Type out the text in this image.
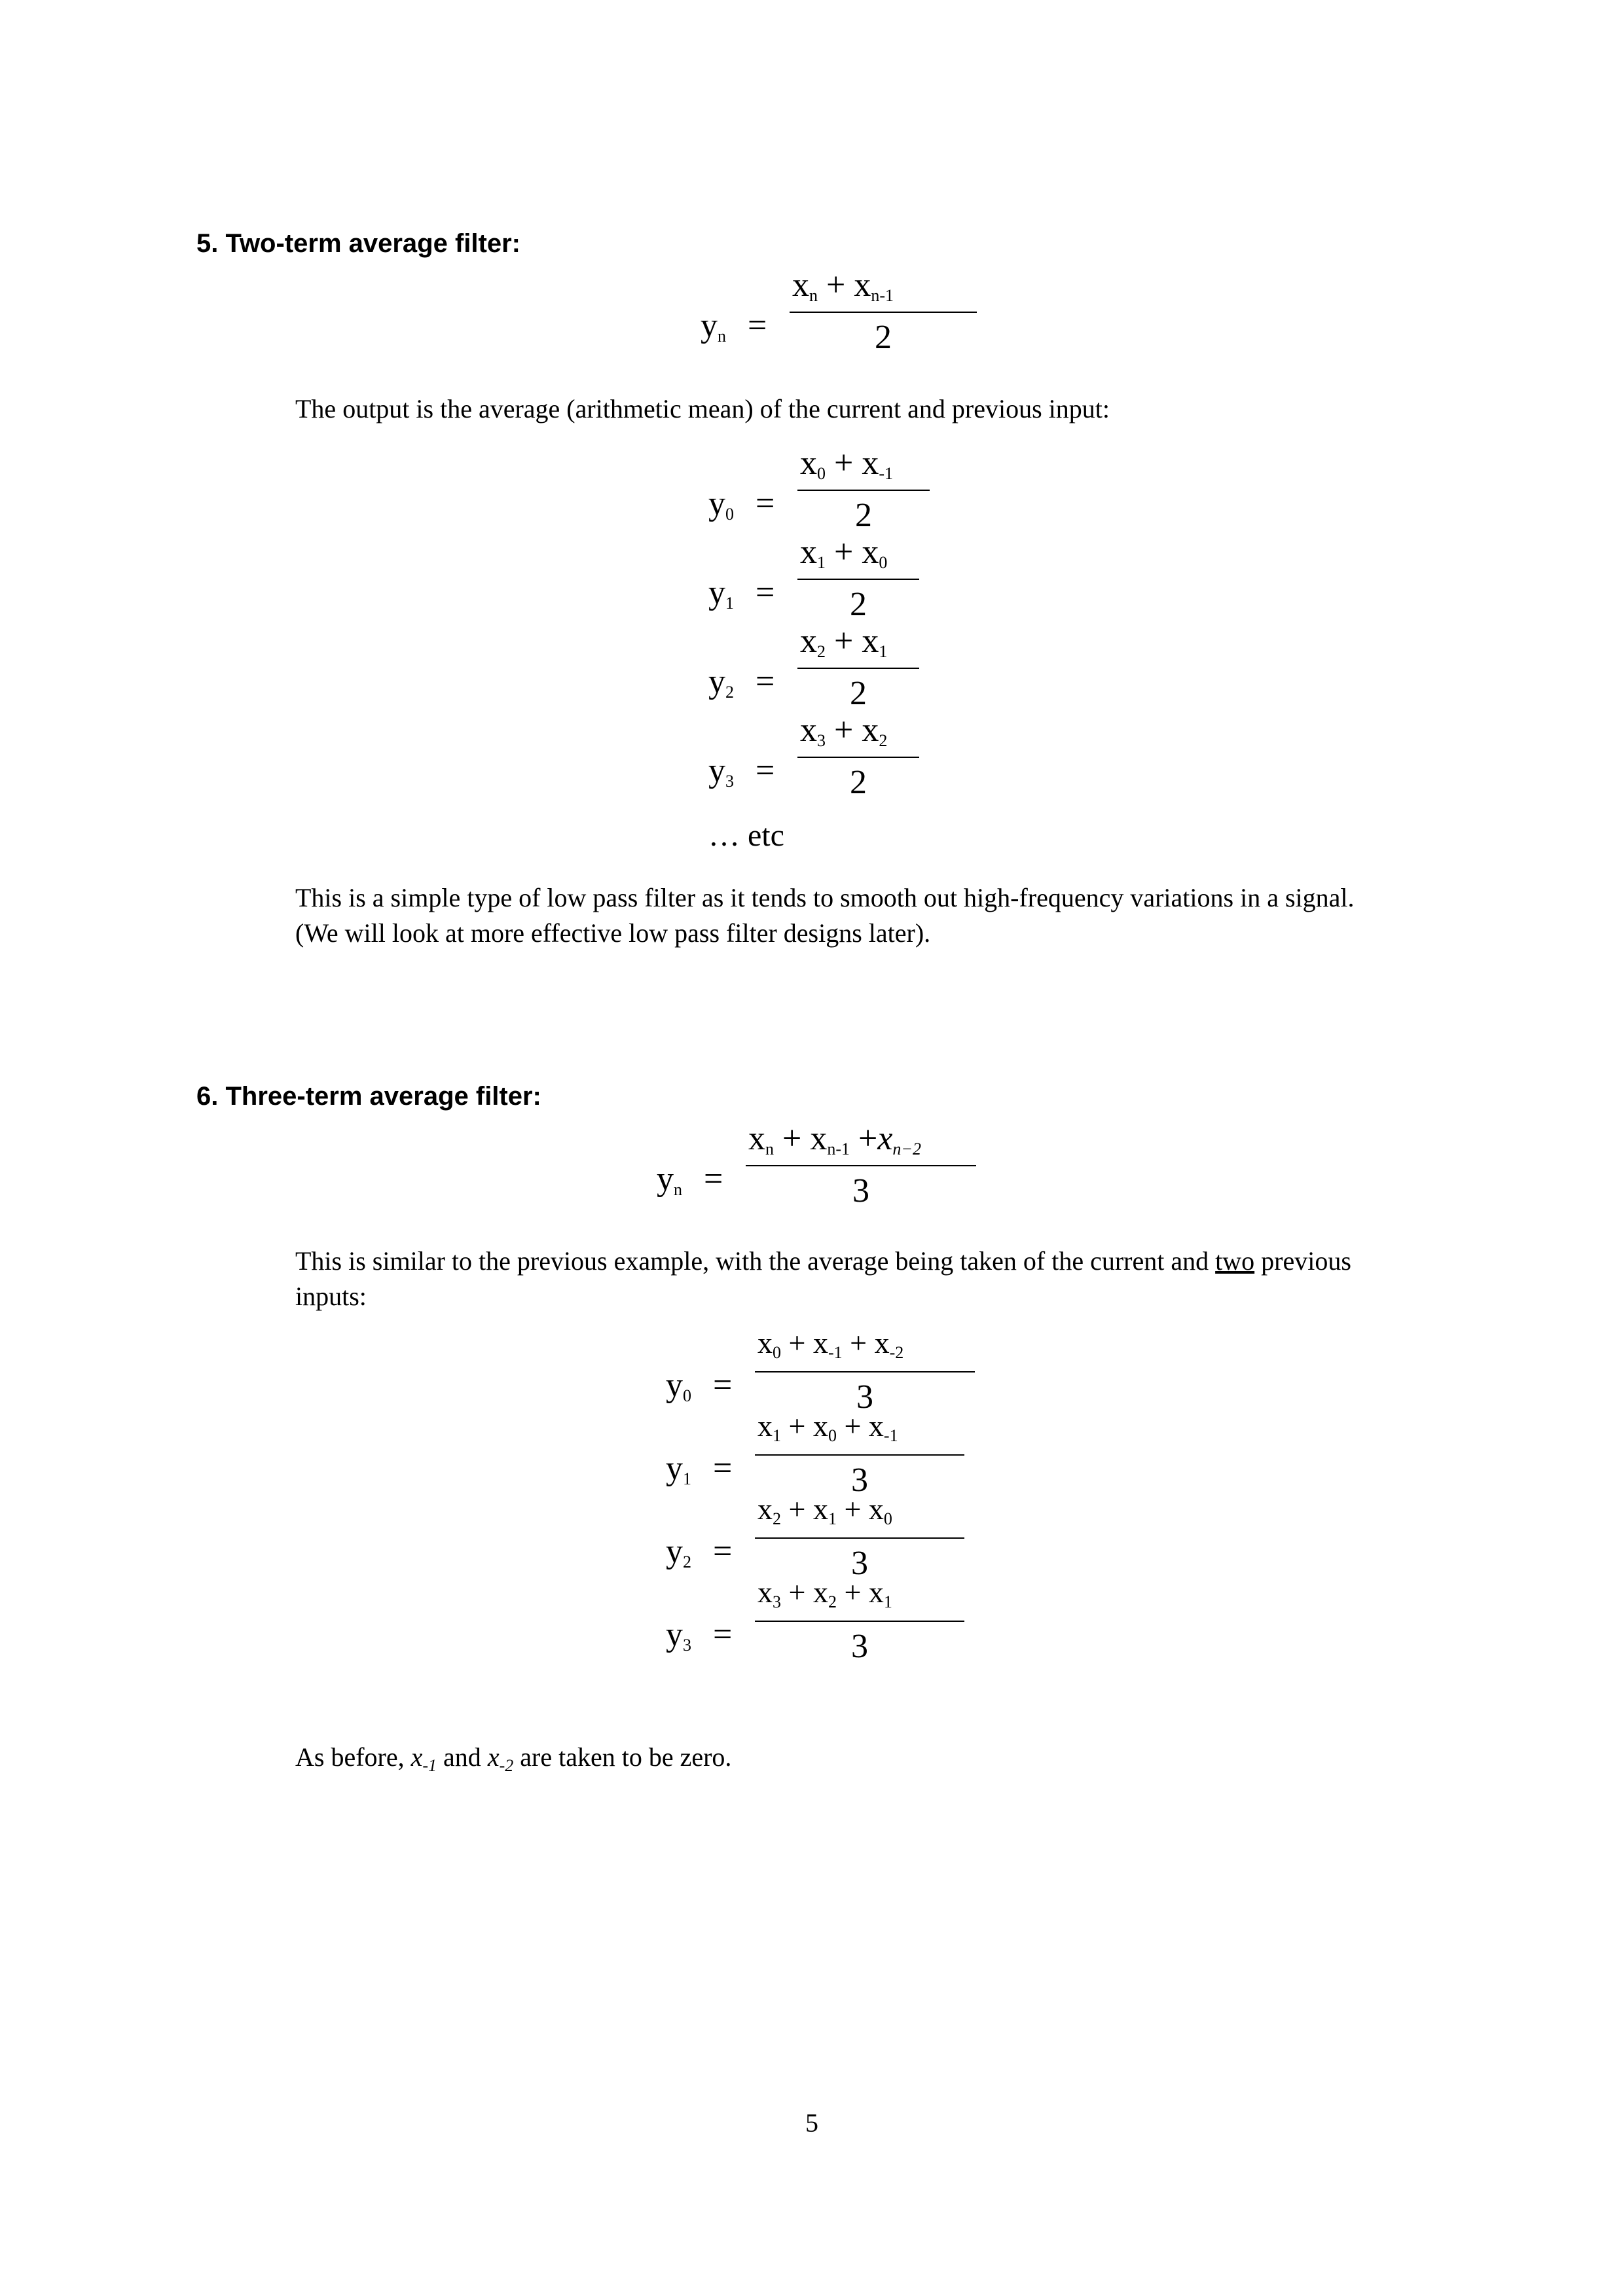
5. Two-term average filter:
$y_n$ =
$x_n + x_{n-1}$
2
The output is the average (arithmetic mean) of the current and previous input:
$y_0$ =
$x_0 + x_{-1}$
2
$y_1$ =
$x_1 + x_0$
2
$y_2$ =
$x_2 + x_1$
2
$y_3$ =
$x_3 + x_2$
2
… etc
This is a simple type of low pass filter as it tends to smooth out high-frequency variations in a signal.
(We will look at more effective low pass filter designs later).
6. Three-term average filter:
$y_n$ =
$x_n + x_{n-1} +x_{n-2}$
3
This is similar to the previous example, with the average being taken of the current and two previous
inputs:
$y_0$ =
$x_0 + x_{-1} + x_{-2}$
3
$y_1$ =
$x_1 + x_0 + x_{-1}$
3
$y_2$ =
$x_2 + x_1 + x_0$
3
$y_3$ =
$x_3 + x_2 + x_1$
3
As before, $x_{-1}$ and $x_{-2}$ are taken to be zero.
5
